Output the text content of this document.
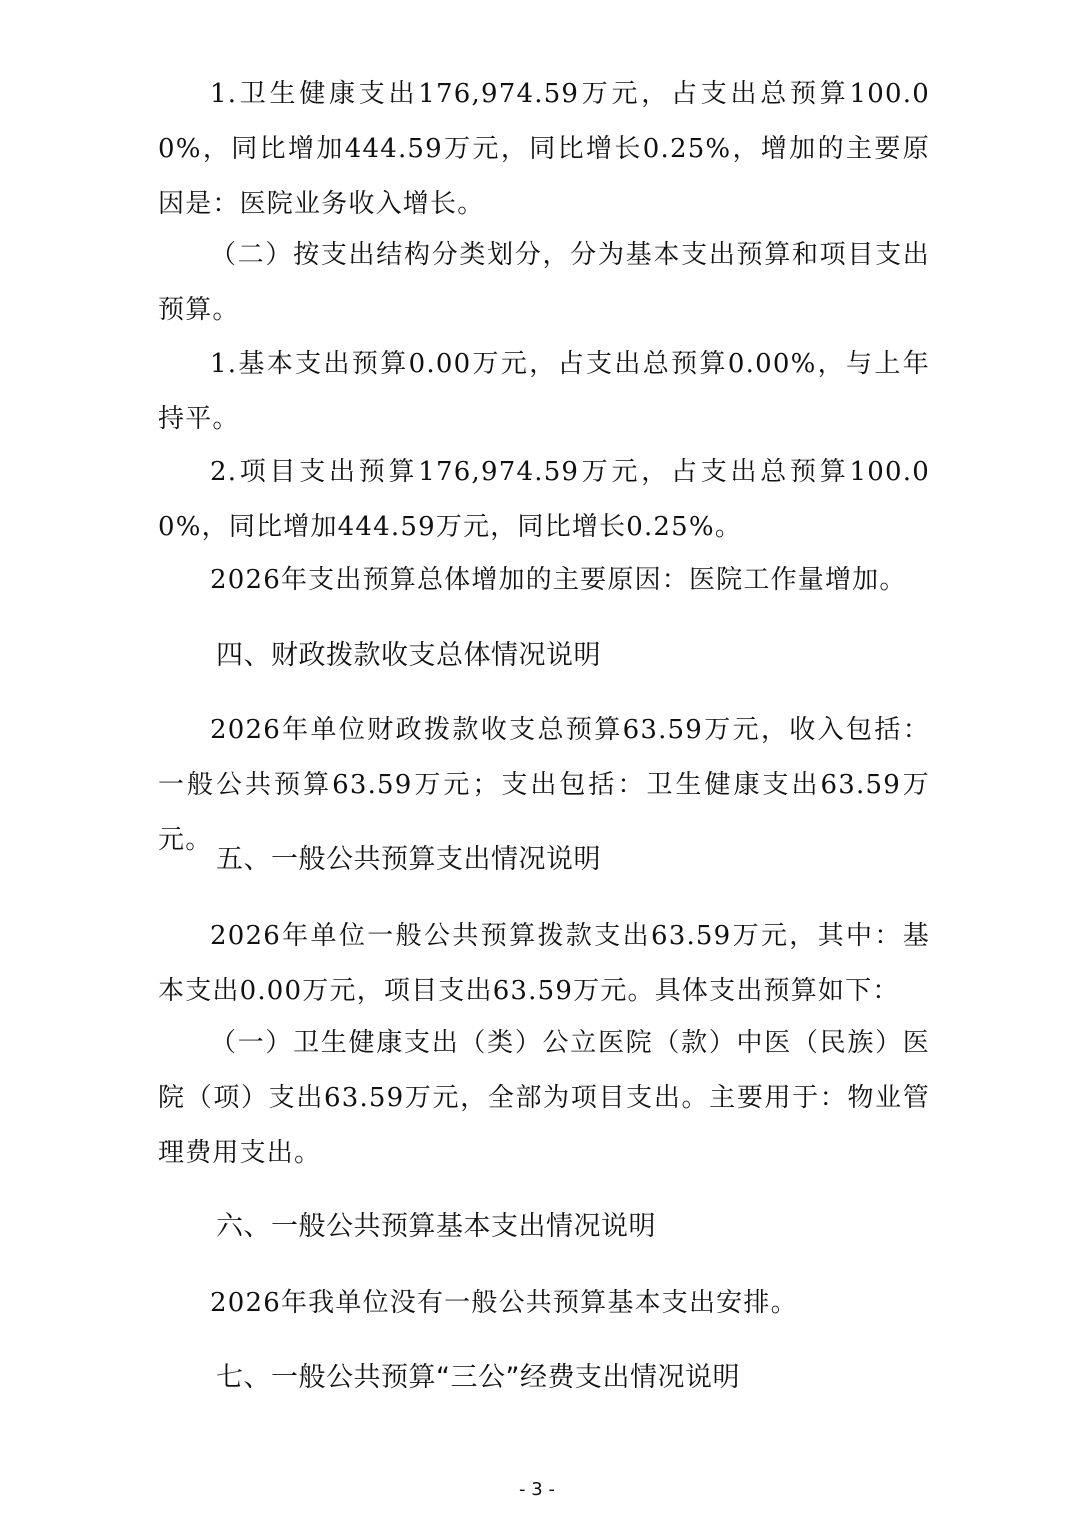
1.卫生健康支出176,974.59万元，占支出总预算100.00%，同比增加444.59万元，同比增长0.25%，增加的主要原因是：医院业务收入增长。

（二）按支出结构分类划分，分为基本支出预算和项目支出预算。

1.基本支出预算0.00万元，占支出总预算0.00%，与上年持平。

2.项目支出预算176,974.59万元，占支出总预算100.00%，同比增加444.59万元，同比增长0.25%。

2026年支出预算总体增加的主要原因：医院工作量增加。

四、财政拨款收支总体情况说明

2026年单位财政拨款收支总预算63.59万元，收入包括：一般公共预算63.59万元；支出包括：卫生健康支出63.59万元。

五、一般公共预算支出情况说明

2026年单位一般公共预算拨款支出63.59万元，其中：基本支出0.00万元，项目支出63.59万元。具体支出预算如下：

（一）卫生健康支出（类）公立医院（款）中医（民族）医院（项）支出63.59万元，全部为项目支出。主要用于：物业管理费用支出。

六、一般公共预算基本支出情况说明

2026年我单位没有一般公共预算基本支出安排。

七、一般公共预算“三公”经费支出情况说明
- 3 -
